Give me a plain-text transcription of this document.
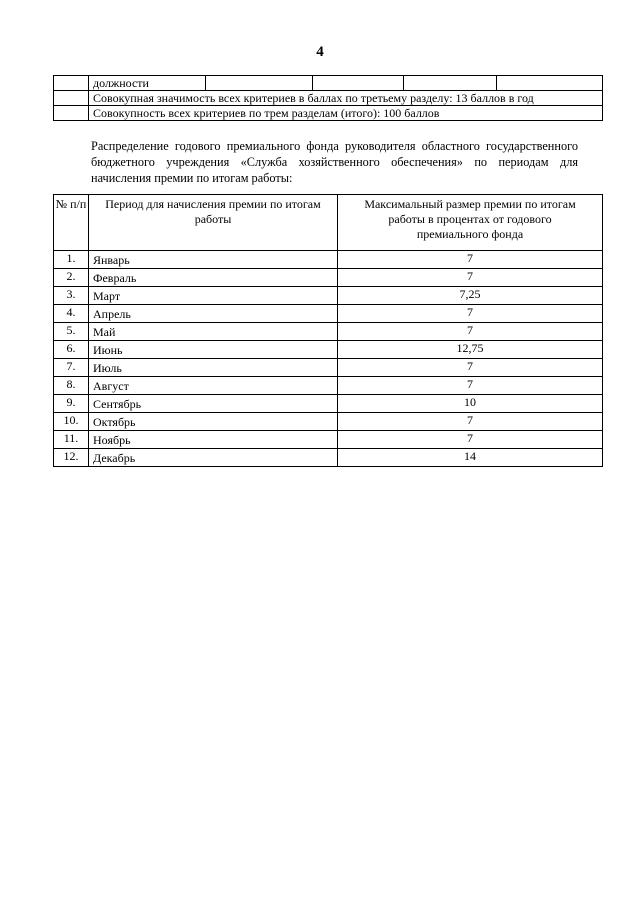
4
	должности				
	Совокупная значимость всех критериев в баллах по третьему разделу: 13 баллов в год				
	Совокупность всех критериев по трем разделам (итого): 100 баллов				
Распределение годового премиального фонда руководителя областного государственного бюджетного учреждения «Служба хозяйственного обеспечения» по периодам для начисления премии по итогам работы:
№ п/п	Период для начисления премии по итогам работы	Максимальный размер премии по итогам работы в процентах от годового премиального фонда
1.	Январь	7
2.	Февраль	7
3.	Март	7,25
4.	Апрель	7
5.	Май	7
6.	Июнь	12,75
7.	Июль	7
8.	Август	7
9.	Сентябрь	10
10.	Октябрь	7
11.	Ноябрь	7
12.	Декабрь	14
